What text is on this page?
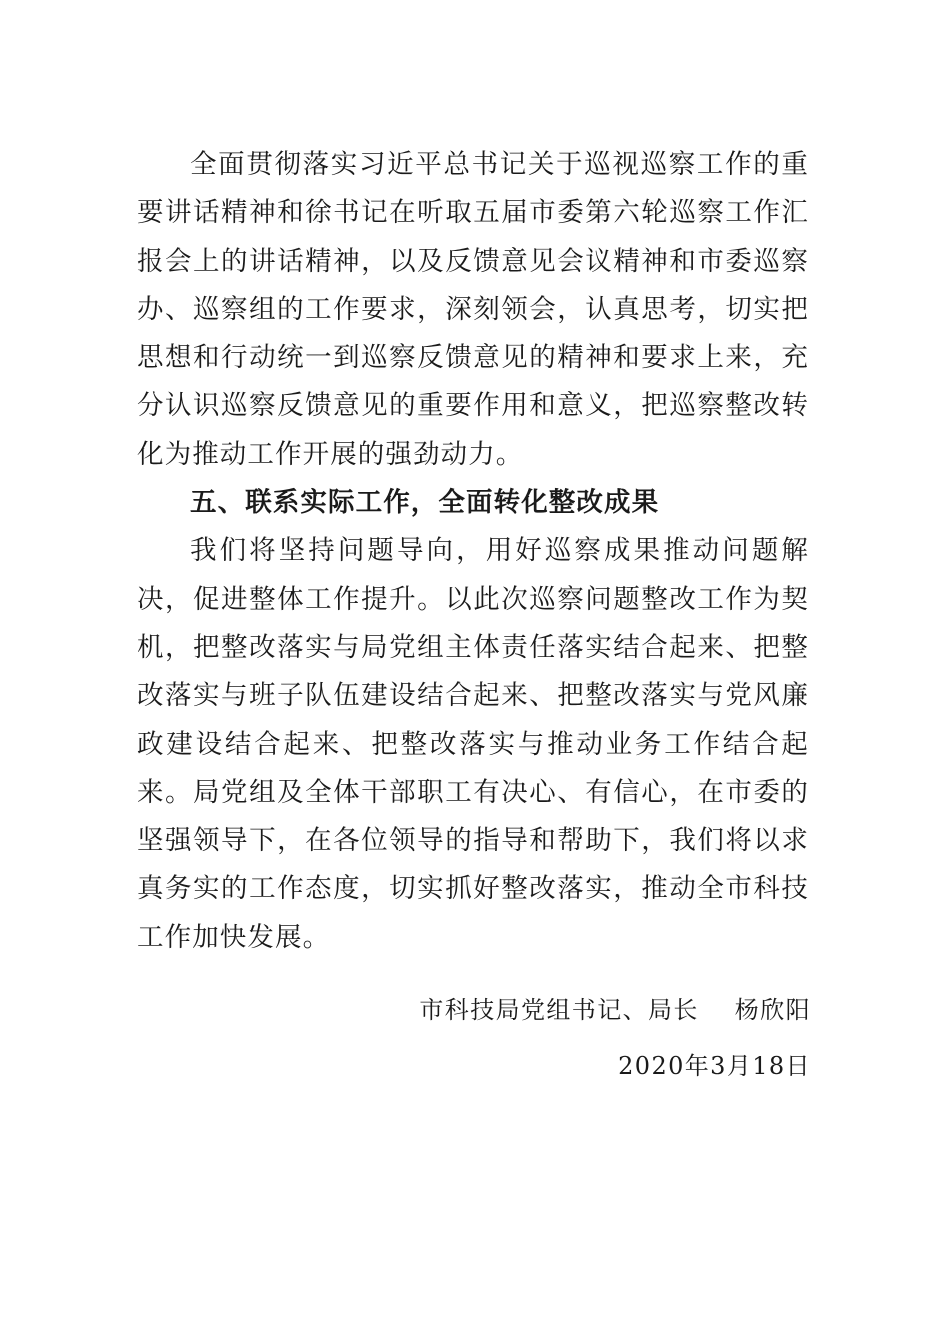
全面贯彻落实习近平总书记关于巡视巡察工作的重要讲话精神和徐书记在听取五届市委第六轮巡察工作汇报会上的讲话精神，以及反馈意见会议精神和市委巡察办、巡察组的工作要求，深刻领会，认真思考，切实把思想和行动统一到巡察反馈意见的精神和要求上来，充分认识巡察反馈意见的重要作用和意义，把巡察整改转化为推动工作开展的强劲动力。

五、联系实际工作，全面转化整改成果

我们将坚持问题导向，用好巡察成果推动问题解决，促进整体工作提升。以此次巡察问题整改工作为契机，把整改落实与局党组主体责任落实结合起来、把整改落实与班子队伍建设结合起来、把整改落实与党风廉政建设结合起来、把整改落实与推动业务工作结合起来。局党组及全体干部职工有决心、有信心，在市委的坚强领导下，在各位领导的指导和帮助下，我们将以求真务实的工作态度，切实抓好整改落实，推动全市科技工作加快发展。

市科技局党组书记、局长 杨欣阳
2020年3月18日
